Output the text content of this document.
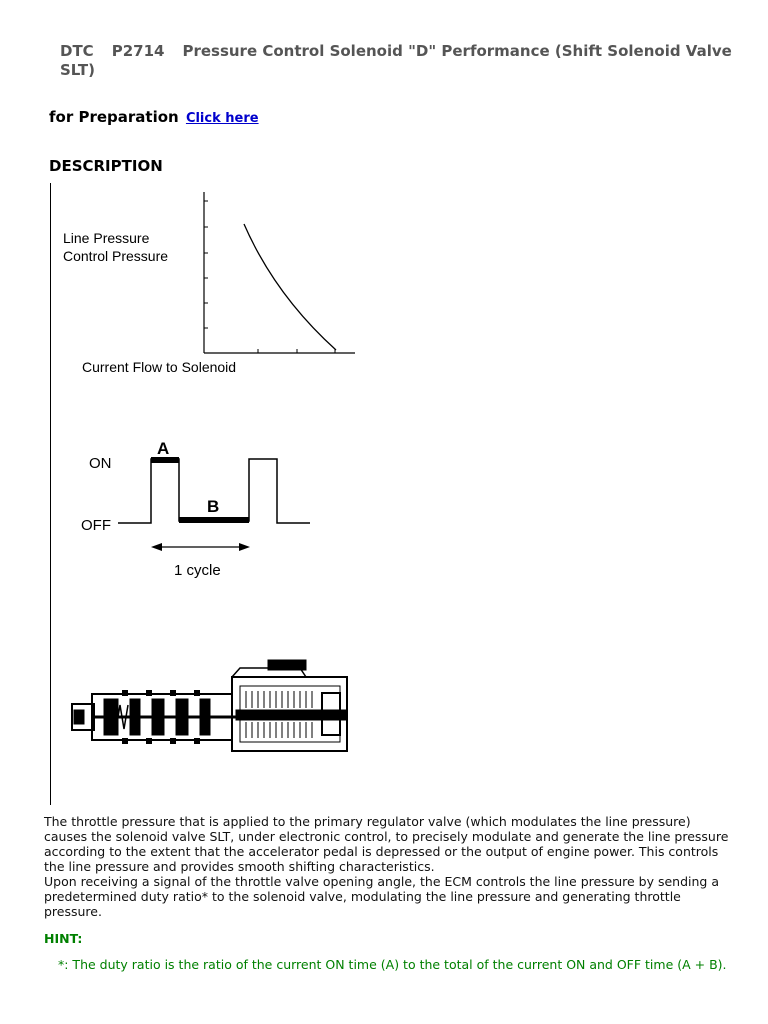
DTC P2714 Pressure Control Solenoid "D" Performance (Shift Solenoid Valve SLT)
for Preparation Click here
DESCRIPTION
Line Pressure
Control Pressure
Current Flow to Solenoid
ON
OFF
A
B
1 cycle

The throttle pressure that is applied to the primary regulator valve (which modulates the line pressure) causes the solenoid valve SLT, under electronic control, to precisely modulate and generate the line pressure according to the extent that the accelerator pedal is depressed or the output of engine power. This controls the line pressure and provides smooth shifting characteristics.

Upon receiving a signal of the throttle valve opening angle, the ECM controls the line pressure by sending a predetermined duty ratio* to the solenoid valve, modulating the line pressure and generating throttle pressure.

HINT:
*: The duty ratio is the ratio of the current ON time (A) to the total of the current ON and OFF time (A + B).
